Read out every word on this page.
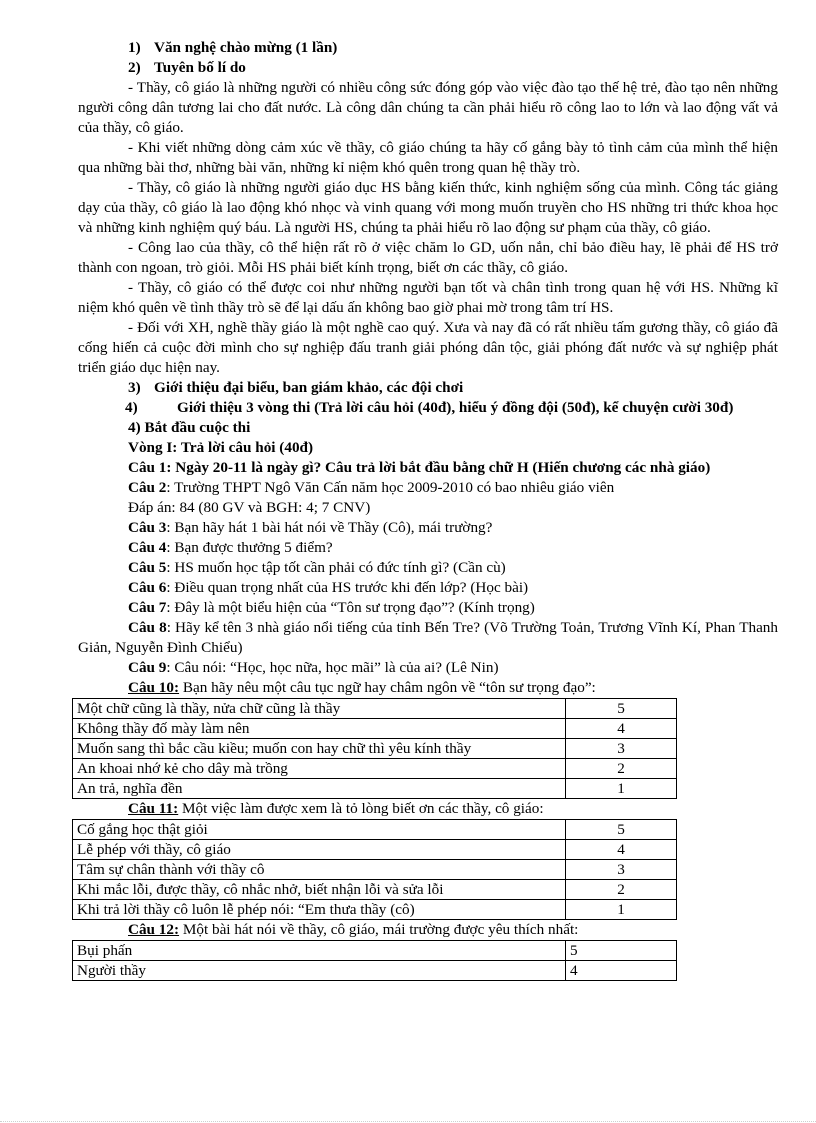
1) Văn nghệ chào mừng (1 lần)
2) Tuyên bố lí do
- Thầy, cô giáo là những người có nhiều công sức đóng góp vào việc đào tạo thế hệ trẻ, đào tạo nên những người công dân tương lai cho đất nước. Là công dân chúng ta cần phải hiểu rõ công lao to lớn và lao động vất vả của thầy, cô giáo.
- Khi viết những dòng cảm xúc về thầy, cô giáo chúng ta hãy cố gắng bày tỏ tình cảm của mình thể hiện qua những bài thơ, những bài văn, những kỉ niệm khó quên trong quan hệ thầy trò.
- Thầy, cô giáo là những người giáo dục HS bằng kiến thức, kinh nghiệm sống của mình. Công tác giảng dạy của thầy, cô giáo là lao động khó nhọc và vinh quang với mong muốn truyền cho HS những tri thức khoa học và những kinh nghiệm quý báu. Là người HS, chúng ta phải hiểu rõ lao động sư phạm của thầy, cô giáo.
- Công lao của thầy, cô thể hiện rất rõ ở việc chăm lo GD, uốn nắn, chỉ bảo điều hay, lẽ phải để HS trở thành con ngoan, trò giỏi. Mỗi HS phải biết kính trọng, biết ơn các thầy, cô giáo.
- Thầy, cô giáo có thể được coi như những người bạn tốt và chân tình trong quan hệ với HS. Những kĩ niệm khó quên về tình thầy trò sẽ để lại dấu ấn không bao giờ phai mờ trong tâm trí HS.
- Đối với XH, nghề thầy giáo là một nghề cao quý. Xưa và nay đã có rất nhiều tấm gương thầy, cô giáo đã cống hiến cả cuộc đời mình cho sự nghiệp đấu tranh giải phóng dân tộc, giải phóng đất nước và sự nghiệp phát triển giáo dục hiện nay.
3) Giới thiệu đại biểu, ban giám khảo, các đội chơi
4)	Giới thiệu 3 vòng thi (Trả lời câu hỏi (40đ), hiểu ý đồng đội (50đ), kể chuyện cười 30đ)
4) Bắt đầu cuộc thi
Vòng I: Trả lời câu hỏi (40đ)
Câu 1: Ngày 20-11 là ngày gì? Câu trả lời bắt đầu bằng chữ H (Hiến chương các nhà giáo)
Câu 2: Trường THPT Ngô Văn Cấn năm học 2009-2010 có bao nhiêu giáo viên
Đáp án: 84 (80 GV và BGH: 4; 7 CNV)
Câu 3: Bạn hãy hát 1 bài hát nói về Thầy (Cô), mái trường?
Câu 4: Bạn được thưởng 5 điểm?
Câu 5: HS muốn học tập tốt cần phải có đức tính gì? (Cần cù)
Câu 6: Điều quan trọng nhất của HS trước khi đến lớp? (Học bài)
Câu 7: Đây là một biểu hiện của “Tôn sư trọng đạo”? (Kính trọng)
Câu 8: Hãy kể tên 3 nhà giáo nổi tiếng của tỉnh Bến Tre? (Võ Trường Toản, Trương Vĩnh Kí, Phan Thanh Giản, Nguyễn Đình Chiểu)
Câu 9: Câu nói: “Học, học nữa, học mãi” là của ai? (Lê Nin)
Câu 10: Bạn hãy nêu một câu tục ngữ hay châm ngôn về “tôn sư trọng đạo”:
Một chữ cũng là thầy, nửa chữ cũng là thầy	5
Không thầy đố mày làm nên	4
Muốn sang thì bắc cầu kiều; muốn con hay chữ thì yêu kính thầy	3
An khoai nhớ kẻ cho dây mà trồng	2
An trả, nghĩa đền	1
Câu 11: Một việc làm được xem là tỏ lòng biết ơn các thầy, cô giáo:
Cố gắng học thật giỏi	5
Lễ phép với thầy, cô giáo	4
Tâm sự chân thành với thầy cô	3
Khi mắc lỗi, được thầy, cô nhắc nhở, biết nhận lỗi và sửa lỗi	2
Khi trả lời thầy cô luôn lễ phép nói: “Em thưa thầy (cô)	1
Câu 12: Một bài hát nói về thầy, cô giáo, mái trường được yêu thích nhất:
Bụi phấn	5
Người thầy	4
